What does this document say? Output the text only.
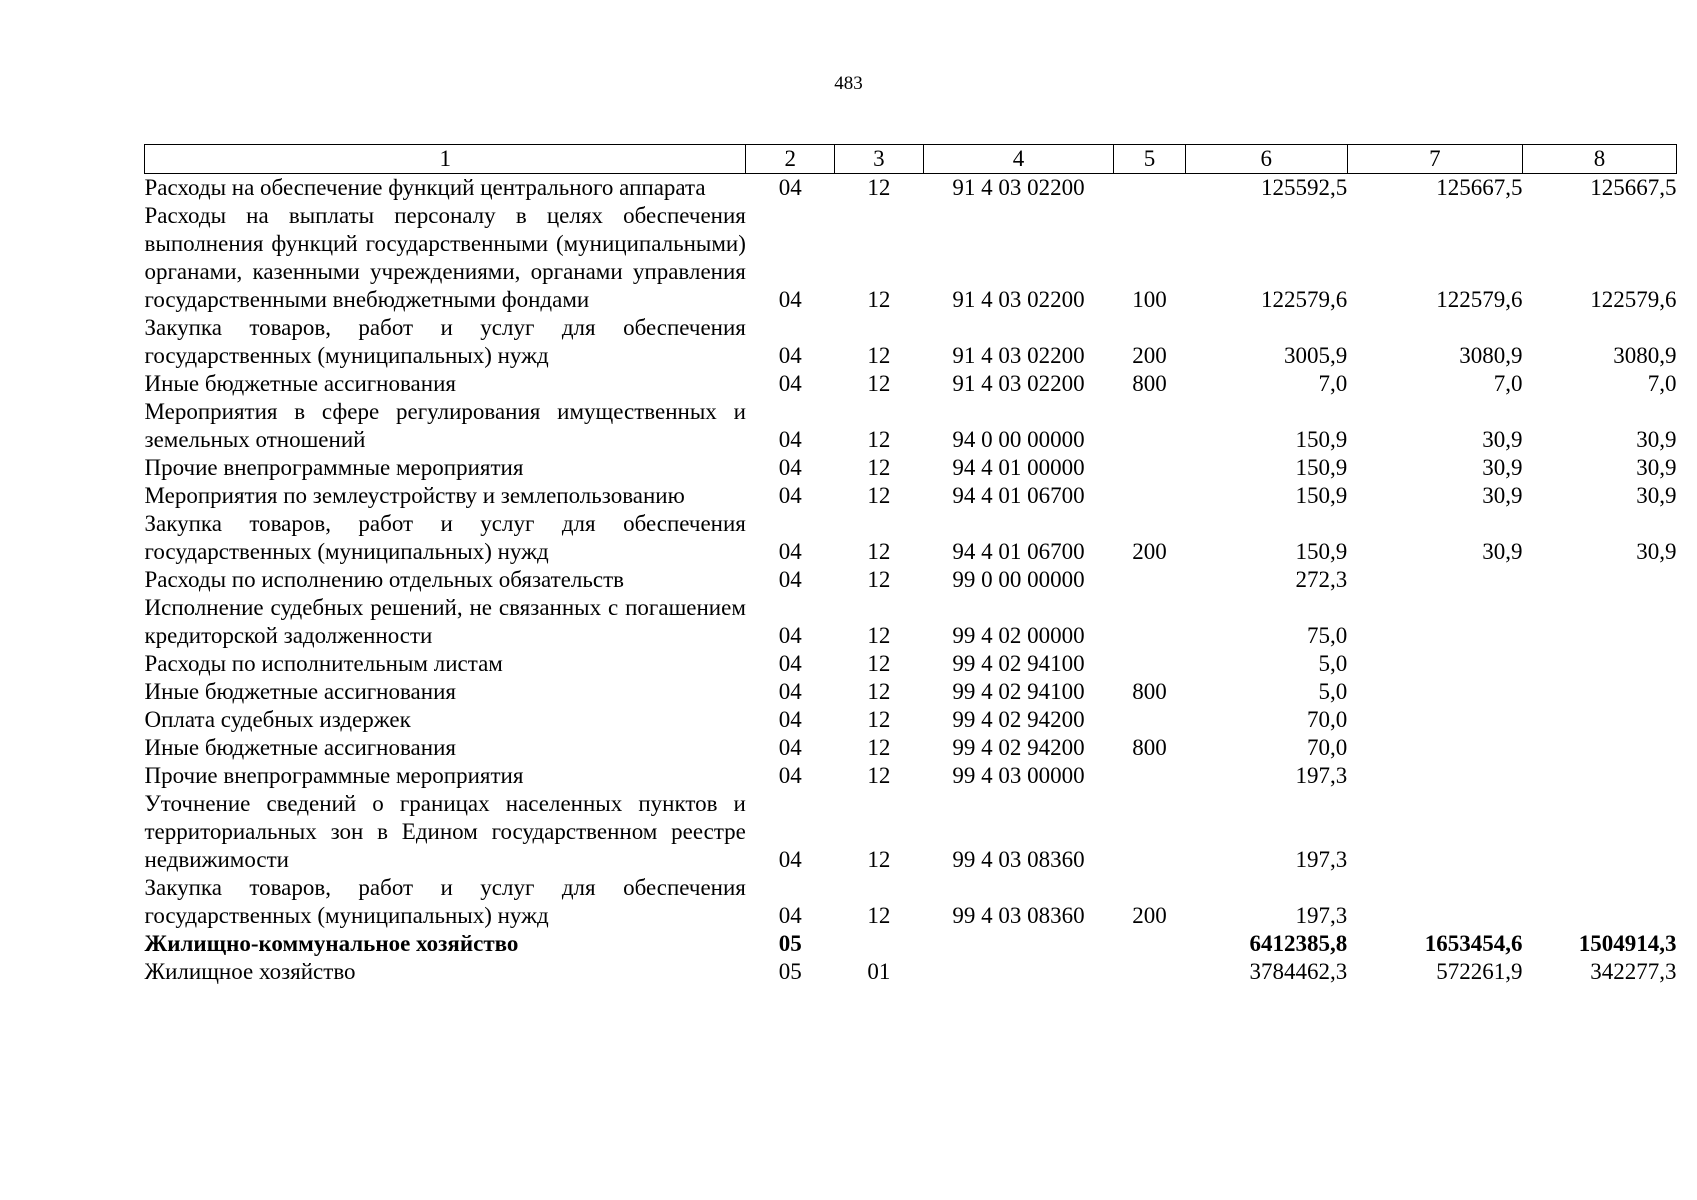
483
1	2	3	4	5	6	7	8
Расходы на обеспечение функций центрального аппарата	04	12	91 4 03 02200		125592,5	125667,5	125667,5
Расходы на выплаты персоналу в целях обеспечения выполнения функций государственными (муниципальными) органами, казенными учреждениями, органами управления государственными внебюджетными фондами	04	12	91 4 03 02200	100	122579,6	122579,6	122579,6
Закупка товаров, работ и услуг для обеспечения государственных (муниципальных) нужд	04	12	91 4 03 02200	200	3005,9	3080,9	3080,9
Иные бюджетные ассигнования	04	12	91 4 03 02200	800	7,0	7,0	7,0
Мероприятия в сфере регулирования имущественных и земельных отношений	04	12	94 0 00 00000		150,9	30,9	30,9
Прочие внепрограммные мероприятия	04	12	94 4 01 00000		150,9	30,9	30,9
Мероприятия по землеустройству и землепользованию	04	12	94 4 01 06700		150,9	30,9	30,9
Закупка товаров, работ и услуг для обеспечения государственных (муниципальных) нужд	04	12	94 4 01 06700	200	150,9	30,9	30,9
Расходы по исполнению отдельных обязательств	04	12	99 0 00 00000		272,3		
Исполнение судебных решений, не связанных с погашением кредиторской задолженности	04	12	99 4 02 00000		75,0		
Расходы по исполнительным листам	04	12	99 4 02 94100		5,0		
Иные бюджетные ассигнования	04	12	99 4 02 94100	800	5,0		
Оплата судебных издержек	04	12	99 4 02 94200		70,0		
Иные бюджетные ассигнования	04	12	99 4 02 94200	800	70,0		
Прочие внепрограммные мероприятия	04	12	99 4 03 00000		197,3		
Уточнение сведений о границах населенных пунктов и территориальных зон в Едином государственном реестре недвижимости	04	12	99 4 03 08360		197,3		
Закупка товаров, работ и услуг для обеспечения государственных (муниципальных) нужд	04	12	99 4 03 08360	200	197,3		
Жилищно-коммунальное хозяйство	05				6412385,8	1653454,6	1504914,3
Жилищное хозяйство	05	01			3784462,3	572261,9	342277,3
